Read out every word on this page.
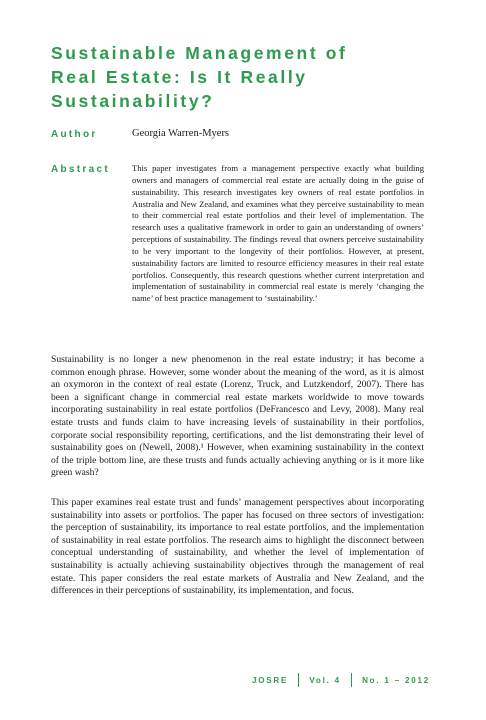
Sustainable Management of
Real Estate: Is It Really
Sustainability?
Author	Georgia Warren-Myers
Abstract	This paper investigates from a management perspective exactly what building owners and managers of commercial real estate are actually doing in the guise of sustainability. This research investigates key owners of real estate portfolios in Australia and New Zealand, and examines what they perceive sustainability to mean to their commercial real estate portfolios and their level of implementation. The research uses a qualitative framework in order to gain an understanding of owners’ perceptions of sustainability. The findings reveal that owners perceive sustainability to be very important to the longevity of their portfolios. However, at present, sustainability factors are limited to resource efficiency measures in their real estate portfolios. Consequently, this research questions whether current interpretation and implementation of sustainability in commercial real estate is merely ‘changing the name’ of best practice management to ‘sustainability.’

Sustainability is no longer a new phenomenon in the real estate industry; it has become a common enough phrase. However, some wonder about the meaning of the word, as it is almost an oxymoron in the context of real estate (Lorenz, Truck, and Lutzkendorf, 2007). There has been a significant change in commercial real estate markets worldwide to move towards incorporating sustainability in real estate portfolios (DeFrancesco and Levy, 2008). Many real estate trusts and funds claim to have increasing levels of sustainability in their portfolios, corporate social responsibility reporting, certifications, and the list demonstrating their level of sustainability goes on (Newell, 2008).¹ However, when examining sustainability in the context of the triple bottom line, are these trusts and funds actually achieving anything or is it more like green wash?

This paper examines real estate trust and funds’ management perspectives about incorporating sustainability into assets or portfolios. The paper has focused on three sectors of investigation: the perception of sustainability, its importance to real estate portfolios, and the implementation of sustainability in real estate portfolios. The research aims to highlight the disconnect between conceptual understanding of sustainability, and whether the level of implementation of sustainability is actually achieving sustainability objectives through the management of real estate. This paper considers the real estate markets of Australia and New Zealand, and the differences in their perceptions of sustainability, its implementation, and focus.

JOSRE	Vol. 4	No. 1 – 2012
